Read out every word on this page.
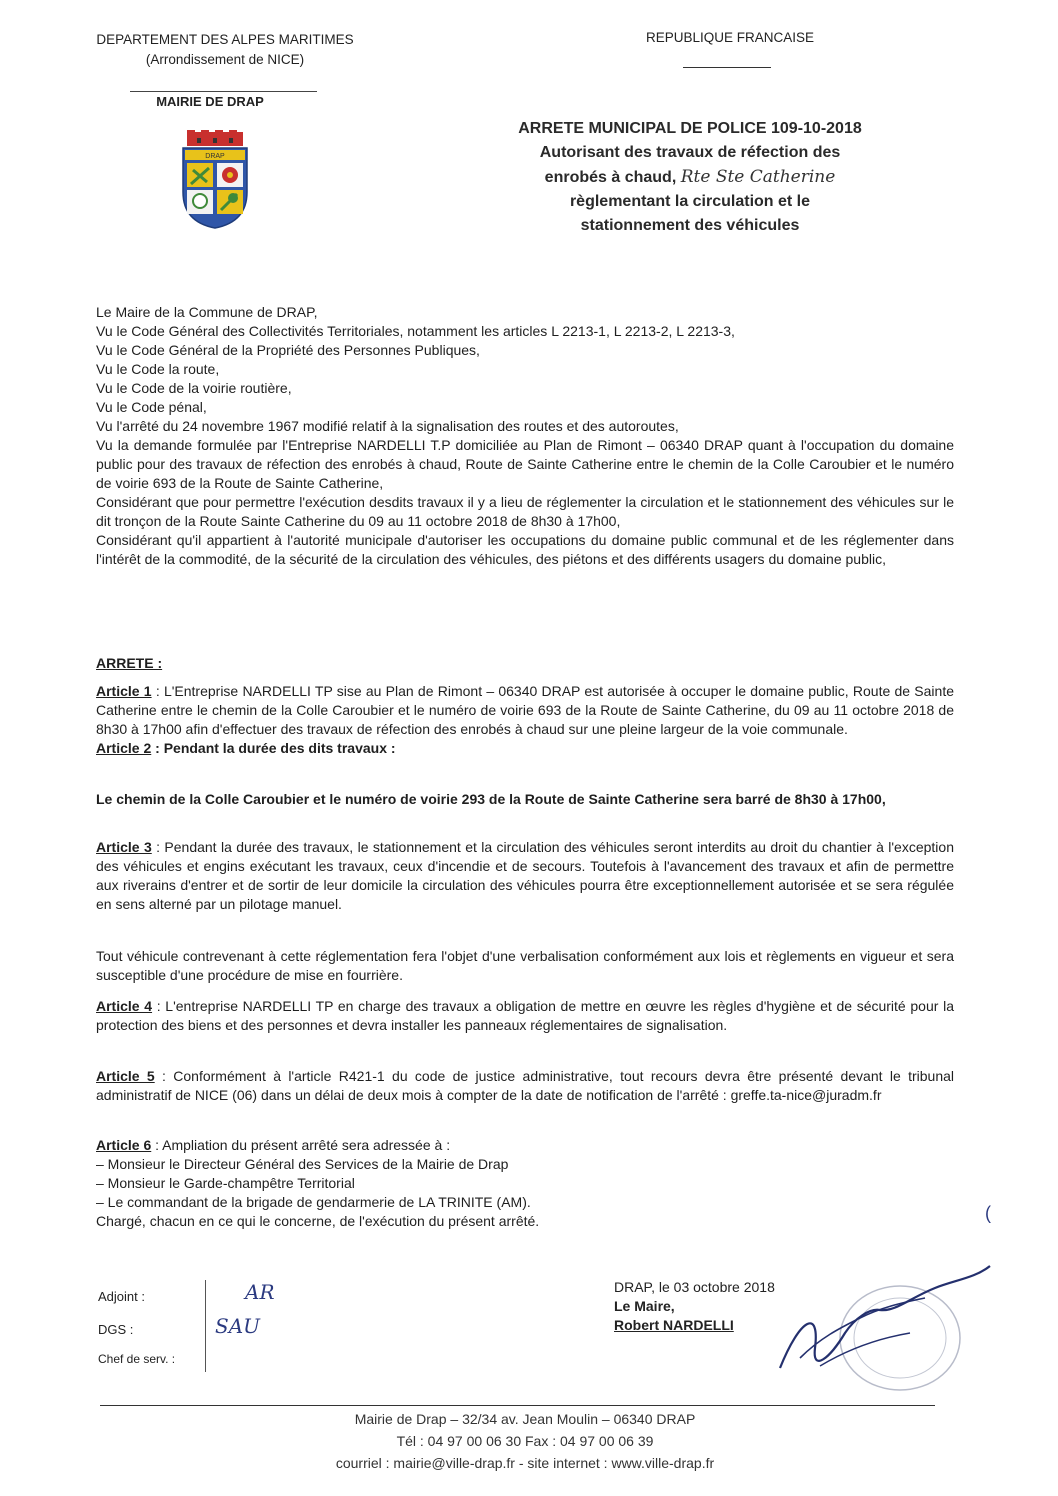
DEPARTEMENT DES ALPES MARITIMES
(Arrondissement de NICE)
MAIRIE DE DRAP
REPUBLIQUE FRANCAISE
DRAP
ARRETE MUNICIPAL DE POLICE 109-10-2018
Autorisant des travaux de réfection des
enrobés à chaud, Rte Ste Catherine
règlementant la circulation et le
stationnement des véhicules

Le Maire de la Commune de DRAP,

Vu le Code Général des Collectivités Territoriales, notamment les articles L 2213-1, L 2213-2, L 2213-3,

Vu le Code Général de la Propriété des Personnes Publiques,

Vu le Code la route,

Vu le Code de la voirie routière,

Vu le Code pénal,

Vu l'arrêté du 24 novembre 1967 modifié relatif à la signalisation des routes et des autoroutes,

Vu la demande formulée par l'Entreprise NARDELLI T.P domiciliée au Plan de Rimont – 06340 DRAP quant à l'occupation du domaine public pour des travaux de réfection des enrobés à chaud, Route de Sainte Catherine entre le chemin de la Colle Caroubier et le numéro de voirie 693 de la Route de Sainte Catherine,

Considérant que pour permettre l'exécution desdits travaux il y a lieu de réglementer la circulation et le stationnement des véhicules sur le dit tronçon de la Route Sainte Catherine du 09 au 11 octobre 2018 de 8h30 à 17h00,

Considérant qu'il appartient à l'autorité municipale d'autoriser les occupations du domaine public communal et de les réglementer dans l'intérêt de la commodité, de la sécurité de la circulation des véhicules, des piétons et des différents usagers du domaine public,

ARRETE :

Article 1 : L'Entreprise NARDELLI TP sise au Plan de Rimont – 06340 DRAP est autorisée à occuper le domaine public, Route de Sainte Catherine entre le chemin de la Colle Caroubier et le numéro de voirie 693 de la Route de Sainte Catherine, du 09 au 11 octobre 2018 de 8h30 à 17h00 afin d'effectuer des travaux de réfection des enrobés à chaud sur une pleine largeur de la voie communale.

Article 2 : Pendant la durée des dits travaux :

Le chemin de la Colle Caroubier et le numéro de voirie 293 de la Route de Sainte Catherine sera barré de 8h30 à 17h00,

Article 3 : Pendant la durée des travaux, le stationnement et la circulation des véhicules seront interdits au droit du chantier à l'exception des véhicules et engins exécutant les travaux, ceux d'incendie et de secours. Toutefois à l'avancement des travaux et afin de permettre aux riverains d'entrer et de sortir de leur domicile la circulation des véhicules pourra être exceptionnellement autorisée et se sera régulée en sens alterné par un pilotage manuel.

Tout véhicule contrevenant à cette réglementation fera l'objet d'une verbalisation conformément aux lois et règlements en vigueur et sera susceptible d'une procédure de mise en fourrière.

Article 4 : L'entreprise NARDELLI TP en charge des travaux a obligation de mettre en œuvre les règles d'hygiène et de sécurité pour la protection des biens et des personnes et devra installer les panneaux réglementaires de signalisation.

Article 5 : Conformément à l'article R421-1 du code de justice administrative, tout recours devra être présenté devant le tribunal administratif de NICE (06) dans un délai de deux mois à compter de la date de notification de l'arrêté : greffe.ta-nice@juradm.fr

Article 6 : Ampliation du présent arrêté sera adressée à :

– Monsieur le Directeur Général des Services de la Mairie de Drap

– Monsieur le Garde-champêtre Territorial

– Le commandant de la brigade de gendarmerie de LA TRINITE (AM).

Chargé, chacun en ce qui le concerne, de l'exécution du présent arrêté.	(
Adjoint :	AR
DGS :	SAU
Chef de serv. :
DRAP, le 03 octobre 2018
Le Maire,
Robert NARDELLI
Mairie de Drap – 32/34 av. Jean Moulin – 06340 DRAP
Tél : 04 97 00 06 30 Fax : 04 97 00 06 39
courriel : mairie@ville-drap.fr - site internet : www.ville-drap.fr
